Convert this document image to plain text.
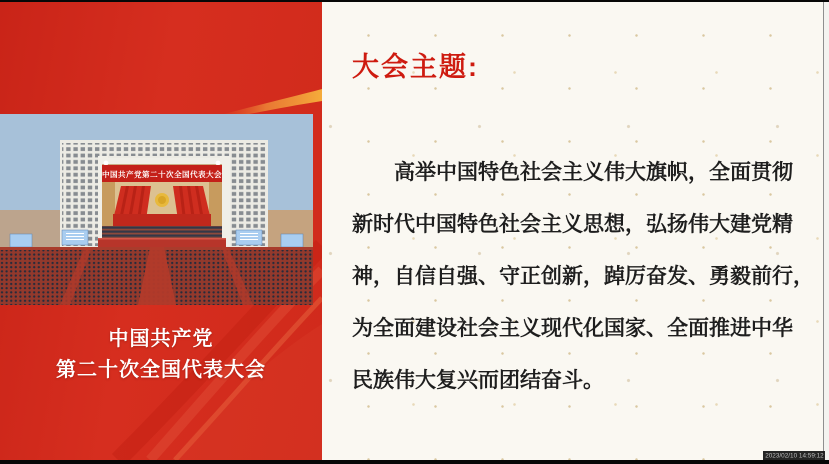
中国共产党第二十次全国代表大会
中国共产党
第二十次全国代表大会
大会主题:
高举中国特色社会主义伟大旗帜，全面贯彻
新时代中国特色社会主义思想，弘扬伟大建党精
神，自信自强、守正创新，踔厉奋发、勇毅前行，
为全面建设社会主义现代化国家、全面推进中华
民族伟大复兴而团结奋斗。
2023/02/10 14:59:12
